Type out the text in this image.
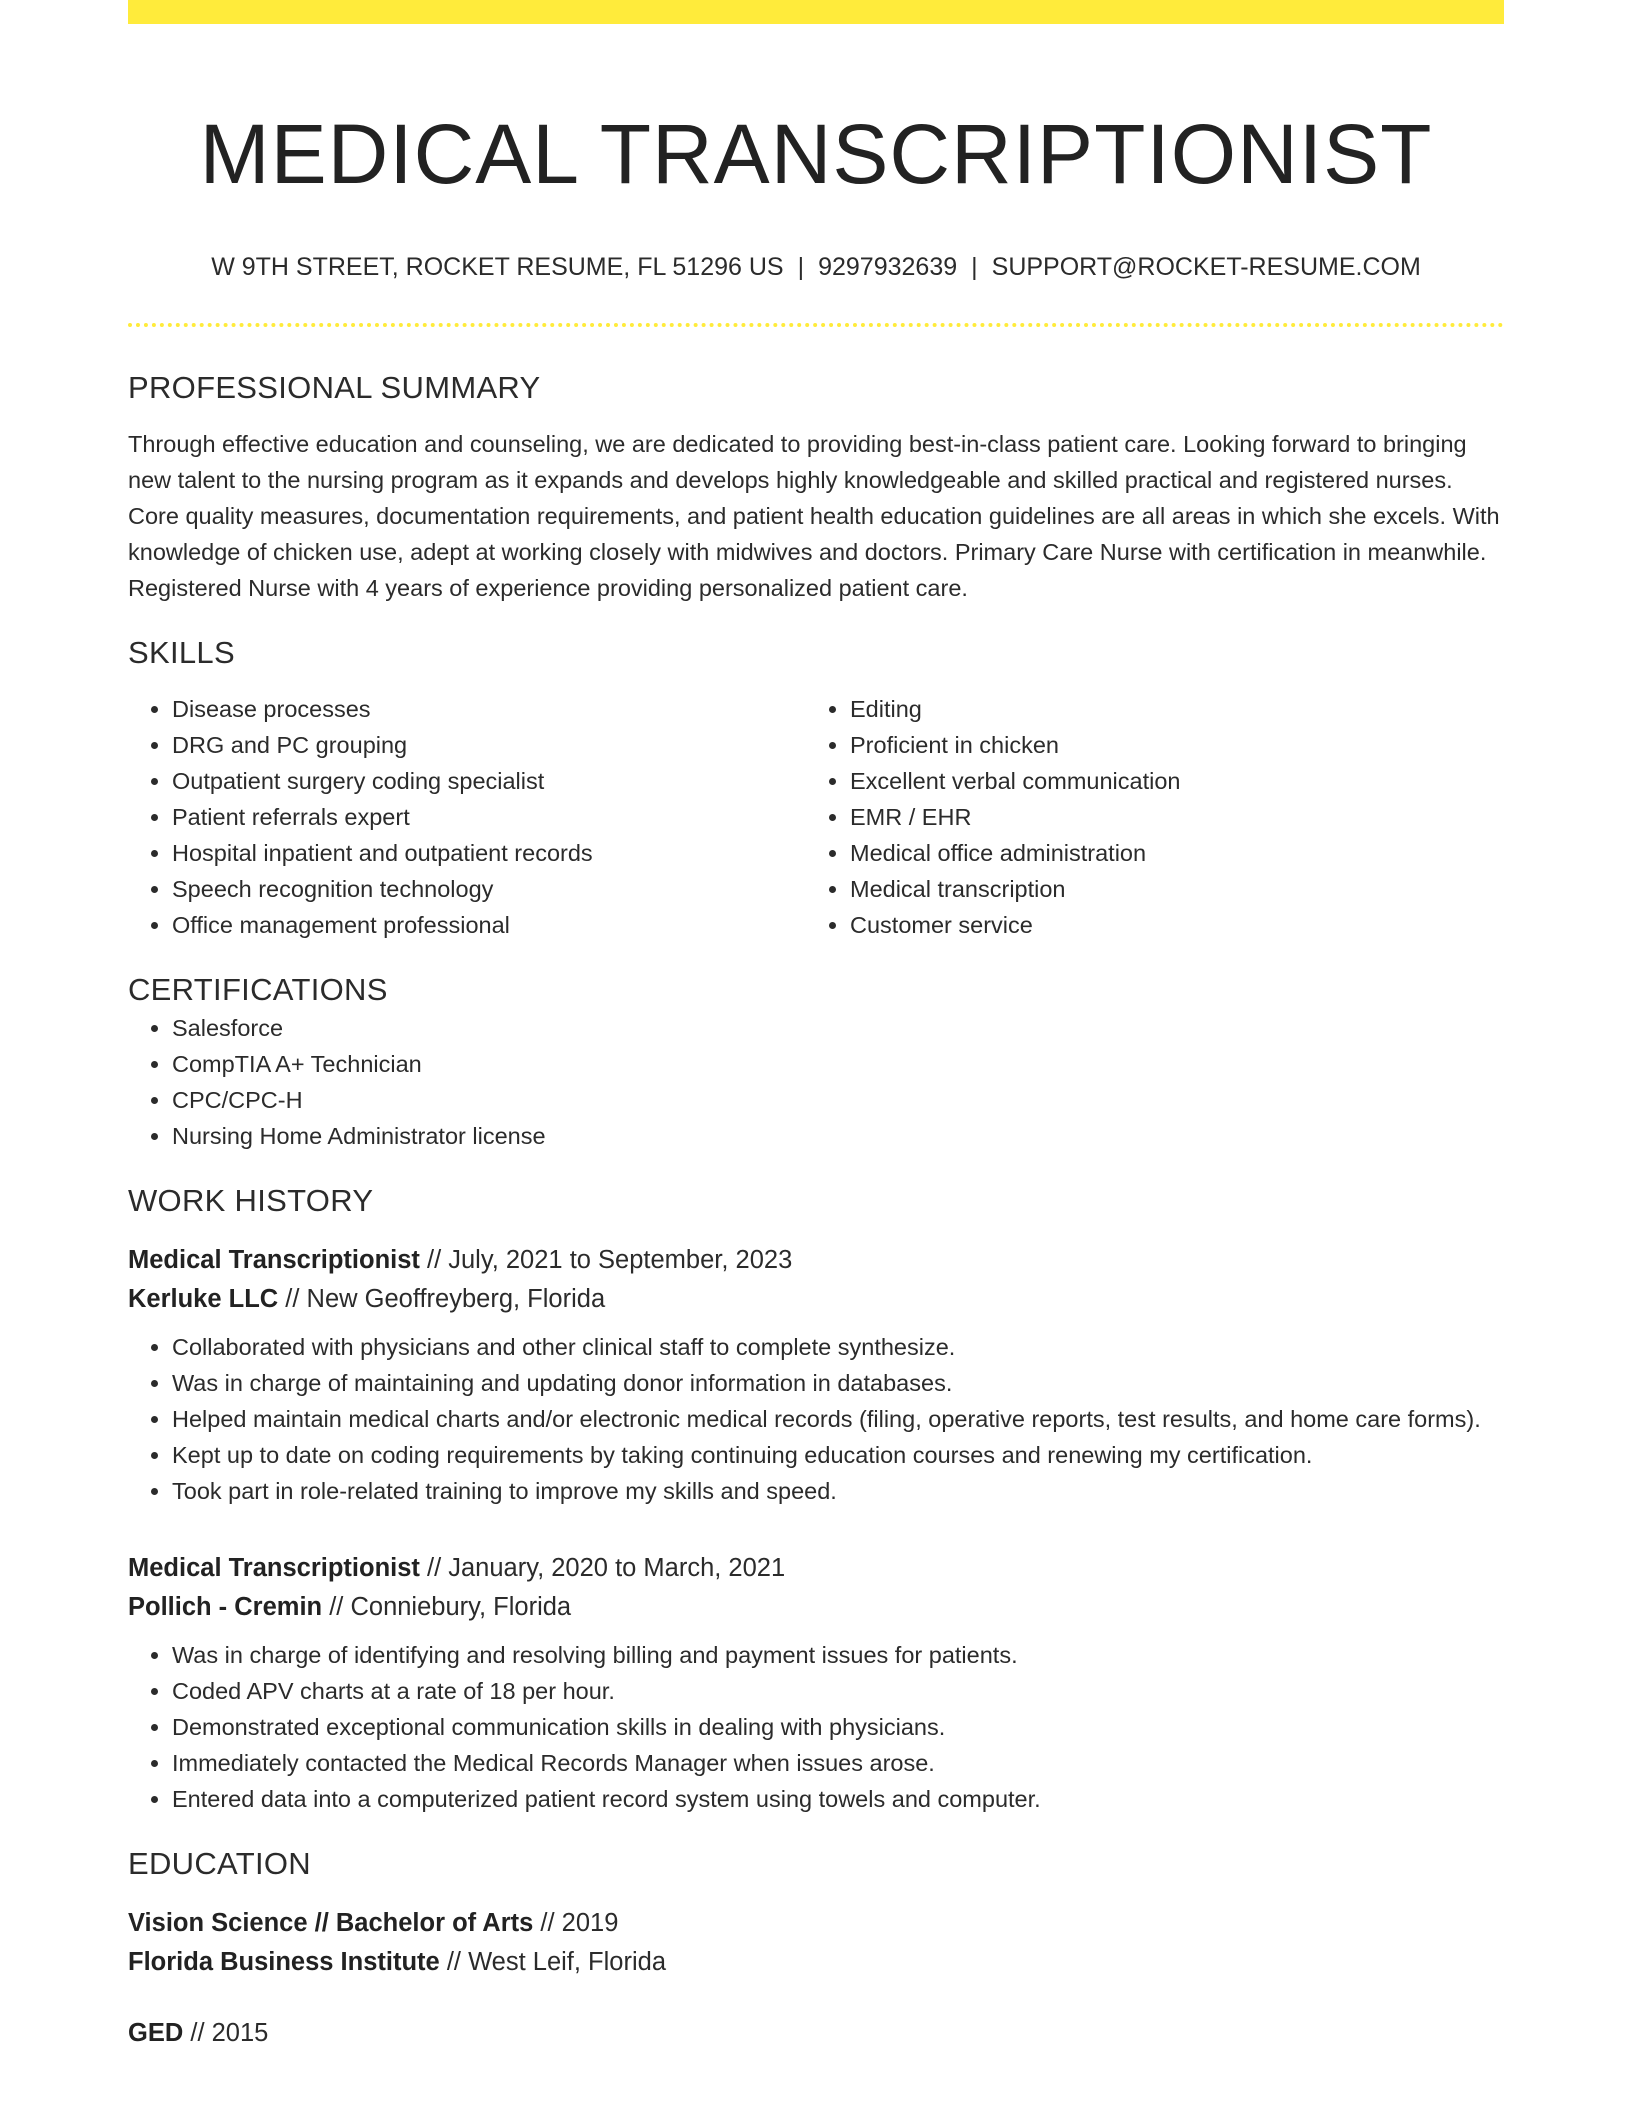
MEDICAL TRANSCRIPTIONIST
W 9TH STREET, ROCKET RESUME, FL 51296 US | 9297932639 | SUPPORT@ROCKET-RESUME.COM
PROFESSIONAL SUMMARY
Through effective education and counseling, we are dedicated to providing best-in-class patient care. Looking forward to bringing new talent to the nursing program as it expands and develops highly knowledgeable and skilled practical and registered nurses. Core quality measures, documentation requirements, and patient health education guidelines are all areas in which she excels. With knowledge of chicken use, adept at working closely with midwives and doctors. Primary Care Nurse with certification in meanwhile. Registered Nurse with 4 years of experience providing personalized patient care.
SKILLS
• Disease processes
• DRG and PC grouping
• Outpatient surgery coding specialist
• Patient referrals expert
• Hospital inpatient and outpatient records
• Speech recognition technology
• Office management professional
• Editing
• Proficient in chicken
• Excellent verbal communication
• EMR / EHR
• Medical office administration
• Medical transcription
• Customer service
CERTIFICATIONS
• Salesforce
• CompTIA A+ Technician
• CPC/CPC-H
• Nursing Home Administrator license
WORK HISTORY
Medical Transcriptionist // July, 2021 to September, 2023
Kerluke LLC // New Geoffreyberg, Florida
• Collaborated with physicians and other clinical staff to complete synthesize.
• Was in charge of maintaining and updating donor information in databases.
• Helped maintain medical charts and/or electronic medical records (filing, operative reports, test results, and home care forms).
• Kept up to date on coding requirements by taking continuing education courses and renewing my certification.
• Took part in role-related training to improve my skills and speed.
Medical Transcriptionist // January, 2020 to March, 2021
Pollich - Cremin // Conniebury, Florida
• Was in charge of identifying and resolving billing and payment issues for patients.
• Coded APV charts at a rate of 18 per hour.
• Demonstrated exceptional communication skills in dealing with physicians.
• Immediately contacted the Medical Records Manager when issues arose.
• Entered data into a computerized patient record system using towels and computer.
EDUCATION
Vision Science // Bachelor of Arts // 2019
Florida Business Institute // West Leif, Florida
GED // 2015
